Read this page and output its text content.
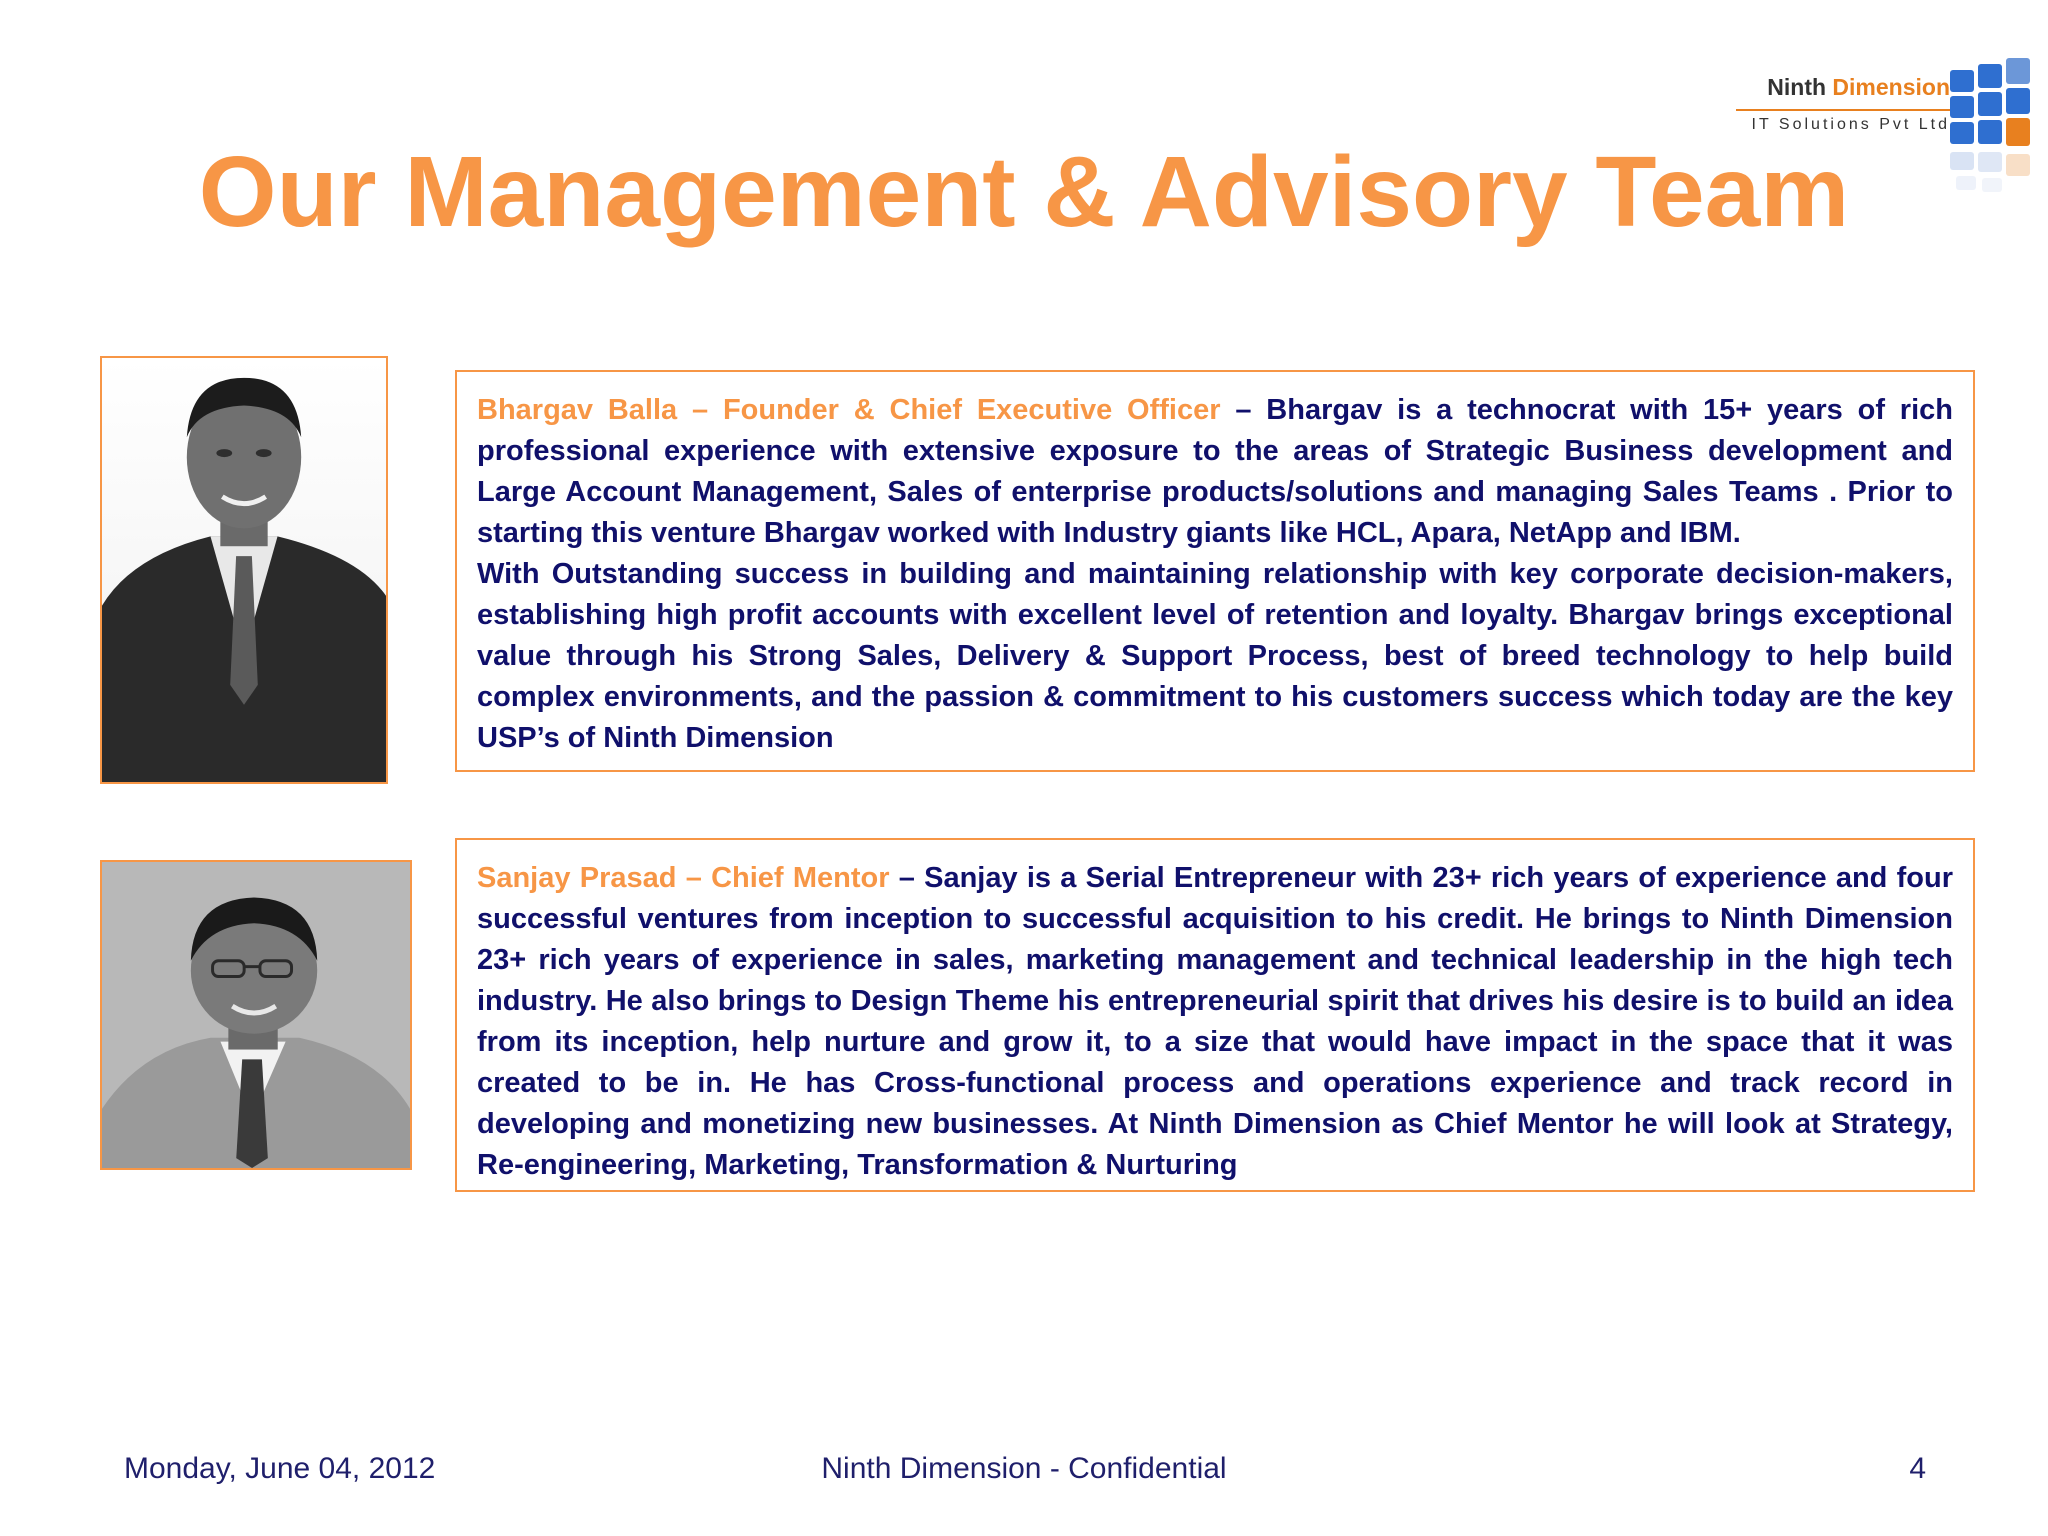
Ninth Dimension
IT Solutions Pvt Ltd
Our Management & Advisory Team

Bhargav Balla – Founder & Chief Executive Officer – Bhargav is a technocrat with 15+ years of rich professional experience with extensive exposure to the areas of Strategic Business development and Large Account Management, Sales of enterprise products/solutions and managing Sales Teams . Prior to starting this venture Bhargav worked with Industry giants like HCL, Apara, NetApp and IBM.

With Outstanding success in building and maintaining relationship with key corporate decision-makers, establishing high profit accounts with excellent level of retention and loyalty. Bhargav brings exceptional value through his Strong Sales, Delivery & Support Process, best of breed technology to help build complex environments, and the passion & commitment to his customers success which today are the key USP’s of Ninth Dimension

Sanjay Prasad – Chief Mentor – Sanjay is a Serial Entrepreneur with 23+ rich years of experience and four successful ventures from inception to successful acquisition to his credit. He brings to Ninth Dimension 23+ rich years of experience in sales, marketing management and technical leadership in the high tech industry. He also brings to Design Theme his entrepreneurial spirit that drives his desire is to build an idea from its inception, help nurture and grow it, to a size that would have impact in the space that it was created to be in. He has Cross-functional process and operations experience and track record in developing and monetizing new businesses. At Ninth Dimension as Chief Mentor he will look at Strategy, Re-engineering, Marketing, Transformation & Nurturing

Monday, June 04, 2012	Ninth Dimension - Confidential	4
